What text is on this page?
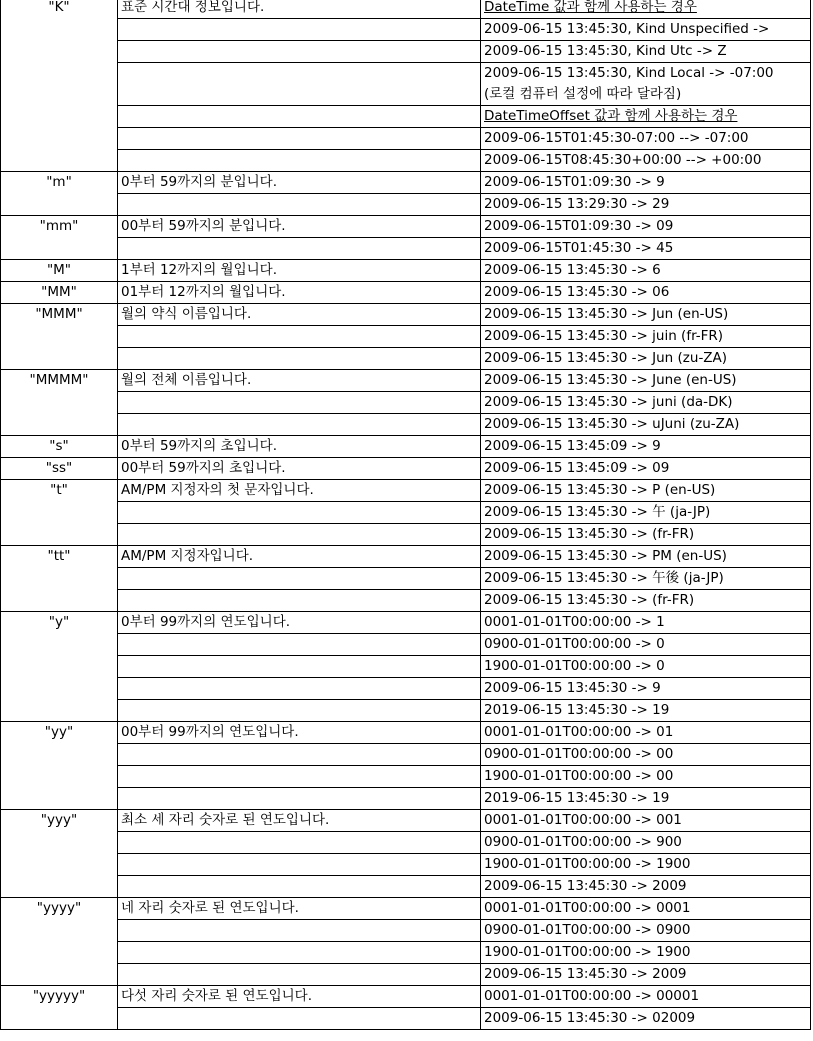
"K"	표준 시간대 정보입니다.	DateTime 값과 함께 사용하는 경우
		2009-06-15 13:45:30, Kind Unspecified ->
		2009-06-15 13:45:30, Kind Utc -> Z
		2009-06-15 13:45:30, Kind Local -> -07:00
		(로컬 컴퓨터 설정에 따라 달라짐)
		DateTimeOffset 값과 함께 사용하는 경우
		2009-06-15T01:45:30-07:00 --> -07:00
		2009-06-15T08:45:30+00:00 --> +00:00
"m"	0부터 59까지의 분입니다.	2009-06-15T01:09:30 -> 9
		2009-06-15 13:29:30 -> 29
"mm"	00부터 59까지의 분입니다.	2009-06-15T01:09:30 -> 09
		2009-06-15T01:45:30 -> 45
"M"	1부터 12까지의 월입니다.	2009-06-15 13:45:30 -> 6
"MM"	01부터 12까지의 월입니다.	2009-06-15 13:45:30 -> 06
"MMM"	월의 약식 이름입니다.	2009-06-15 13:45:30 -> Jun (en-US)
		2009-06-15 13:45:30 -> juin (fr-FR)
		2009-06-15 13:45:30 -> Jun (zu-ZA)
"MMMM"	월의 전체 이름입니다.	2009-06-15 13:45:30 -> June (en-US)
		2009-06-15 13:45:30 -> juni (da-DK)
		2009-06-15 13:45:30 -> uJuni (zu-ZA)
"s"	0부터 59까지의 초입니다.	2009-06-15 13:45:09 -> 9
"ss"	00부터 59까지의 초입니다.	2009-06-15 13:45:09 -> 09
"t"	AM/PM 지정자의 첫 문자입니다.	2009-06-15 13:45:30 -> P (en-US)
		2009-06-15 13:45:30 -> 午 (ja-JP)
		2009-06-15 13:45:30 -> (fr-FR)
"tt"	AM/PM 지정자입니다.	2009-06-15 13:45:30 -> PM (en-US)
		2009-06-15 13:45:30 -> 午後 (ja-JP)
		2009-06-15 13:45:30 -> (fr-FR)
"y"	0부터 99까지의 연도입니다.	0001-01-01T00:00:00 -> 1
		0900-01-01T00:00:00 -> 0
		1900-01-01T00:00:00 -> 0
		2009-06-15 13:45:30 -> 9
		2019-06-15 13:45:30 -> 19
"yy"	00부터 99까지의 연도입니다.	0001-01-01T00:00:00 -> 01
		0900-01-01T00:00:00 -> 00
		1900-01-01T00:00:00 -> 00
		2019-06-15 13:45:30 -> 19
"yyy"	최소 세 자리 숫자로 된 연도입니다.	0001-01-01T00:00:00 -> 001
		0900-01-01T00:00:00 -> 900
		1900-01-01T00:00:00 -> 1900
		2009-06-15 13:45:30 -> 2009
"yyyy"	네 자리 숫자로 된 연도입니다.	0001-01-01T00:00:00 -> 0001
		0900-01-01T00:00:00 -> 0900
		1900-01-01T00:00:00 -> 1900
		2009-06-15 13:45:30 -> 2009
"yyyyy"	다섯 자리 숫자로 된 연도입니다.	0001-01-01T00:00:00 -> 00001
		2009-06-15 13:45:30 -> 02009
